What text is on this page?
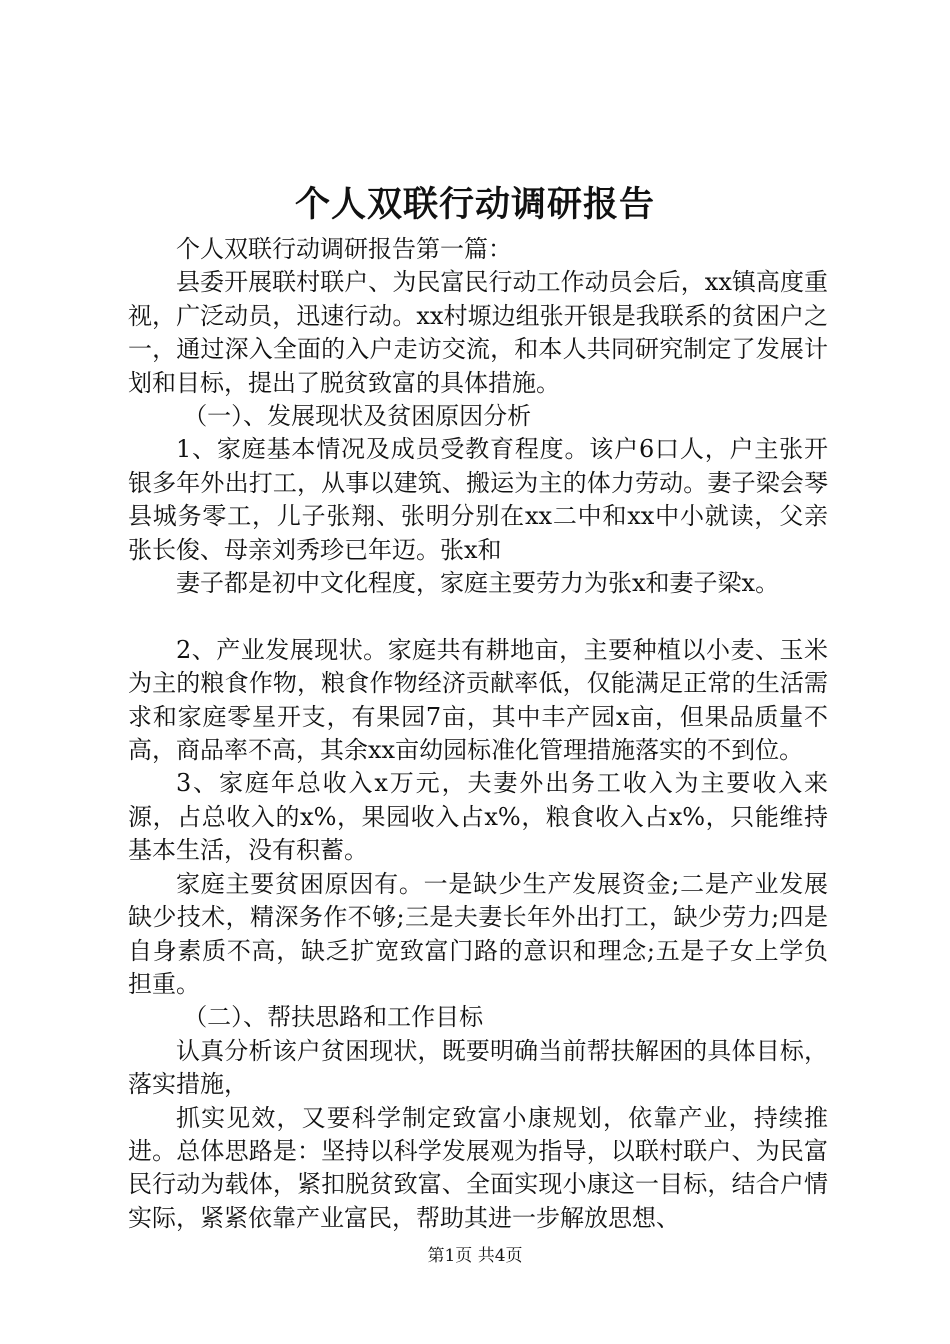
个人双联行动调研报告

个人双联行动调研报告第一篇：

县委开展联村联户、为民富民行动工作动员会后，xx镇高度重视，广泛动员，迅速行动。xx村塬边组张开银是我联系的贫困户之一，通过深入全面的入户走访交流，和本人共同研究制定了发展计划和目标，提出了脱贫致富的具体措施。

（一）、发展现状及贫困原因分析

1、家庭基本情况及成员受教育程度。该户6口人，户主张开银多年外出打工，从事以建筑、搬运为主的体力劳动。妻子梁会琴县城务零工，儿子张翔、张明分别在xx二中和xx中小就读，父亲张长俊、母亲刘秀珍已年迈。张x和

妻子都是初中文化程度，家庭主要劳力为张x和妻子梁x。

2、产业发展现状。家庭共有耕地亩，主要种植以小麦、玉米为主的粮食作物，粮食作物经济贡献率低，仅能满足正常的生活需求和家庭零星开支，有果园7亩，其中丰产园x亩，但果品质量不高，商品率不高，其余xx亩幼园标准化管理措施落实的不到位。

3、家庭年总收入x万元，夫妻外出务工收入为主要收入来源，占总收入的x%，果园收入占x%，粮食收入占x%，只能维持基本生活，没有积蓄。

家庭主要贫困原因有。一是缺少生产发展资金;二是产业发展缺少技术，精深务作不够;三是夫妻长年外出打工，缺少劳力;四是自身素质不高，缺乏扩宽致富门路的意识和理念;五是子女上学负担重。

（二）、帮扶思路和工作目标

认真分析该户贫困现状，既要明确当前帮扶解困的具体目标，落实措施，

抓实见效，又要科学制定致富小康规划，依靠产业，持续推进。总体思路是：坚持以科学发展观为指导，以联村联户、为民富民行动为载体，紧扣脱贫致富、全面实现小康这一目标，结合户情实际，紧紧依靠产业富民，帮助其进一步解放思想、

第1页 共4页
